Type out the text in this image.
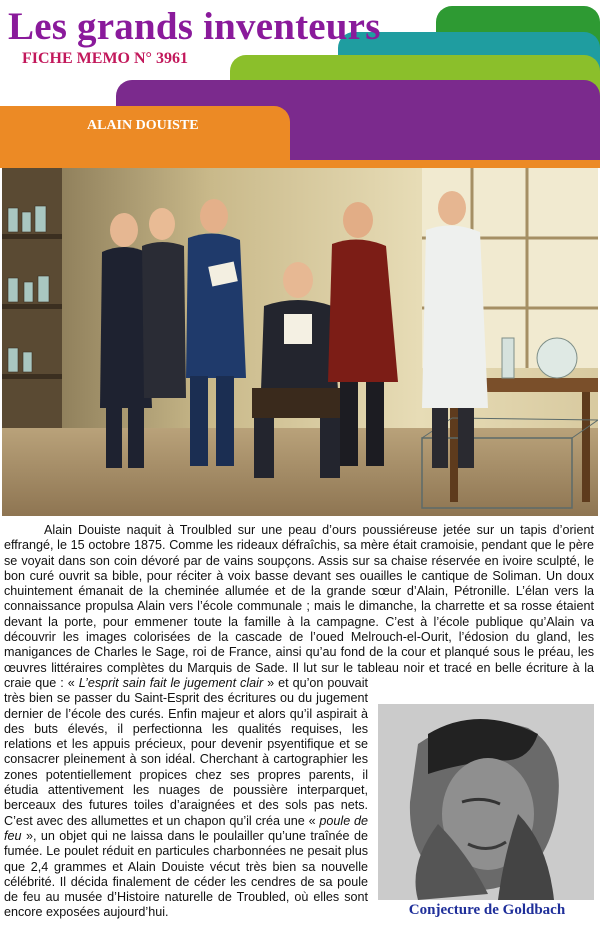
Les grands inventeurs
FICHE MEMO N° 3961
ALAIN DOUISTE

Alain Douiste naquit à Troulbled sur une peau d’ours poussiéreuse jetée sur un tapis d’orient effrangé, le 15 octobre 1875. Comme les rideaux défraîchis, sa mère était cramoisie, pendant que le père se voyait dans son coin dévoré par de vains soupçons. Assis sur sa chaise réservée en ivoire sculpté, le bon curé ouvrit sa bible, pour réciter à voix basse devant ses ouailles le cantique de Soliman. Un doux chuintement émanait de la cheminée allumée et de la grande sœur d’Alain, Pétronille. L’élan vers la connaissance propulsa Alain vers l’école communale ; mais le dimanche, la charrette et sa rosse étaient devant la porte, pour emmener toute la famille à la campagne. C’est à l’école publique qu’Alain va découvrir les images colorisées de la cascade de l’oued Melrouch-el-Ourit, l’édosion du gland, les manigances de Charles le Sage, roi de France, ainsi qu’au fond de la cour et planqué sous le préau, les œuvres littéraires complètes du Marquis de Sade. Il lut sur le tableau noir et tracé en belle écriture à la craie que : « L’esprit sain fait le jugement clair
» et qu’on pouvait très bien se passer du Saint-Esprit des écritures ou du jugement dernier de l’école des curés. Enfin majeur et alors qu’il aspirait à des buts élevés, il perfectionna les qualités requises, les relations et les appuis précieux, pour devenir psyentifique et se consacrer pleinement à son idéal. Cherchant à cartographier les zones potentiellement propices chez ses propres parents, il étudia attentivement les nuages de poussière interparquet, berceaux des futures toiles d’araignées et des sols pas nets. C’est avec des allumettes et un chapon qu’il créa une « poule de feu », un objet qui ne laissa dans le poulailler qu’une traînée de fumée. Le poulet réduit en particules charbonnées ne pesait plus que 2,4 grammes et Alain Douiste vécut très bien sa nouvelle célébrité. Il décida finalement de céder les cendres de sa poule de feu au musée d’Histoire naturelle de Troubled, où elles sont encore exposées aujourd’hui.	Conjecture de Goldbach
